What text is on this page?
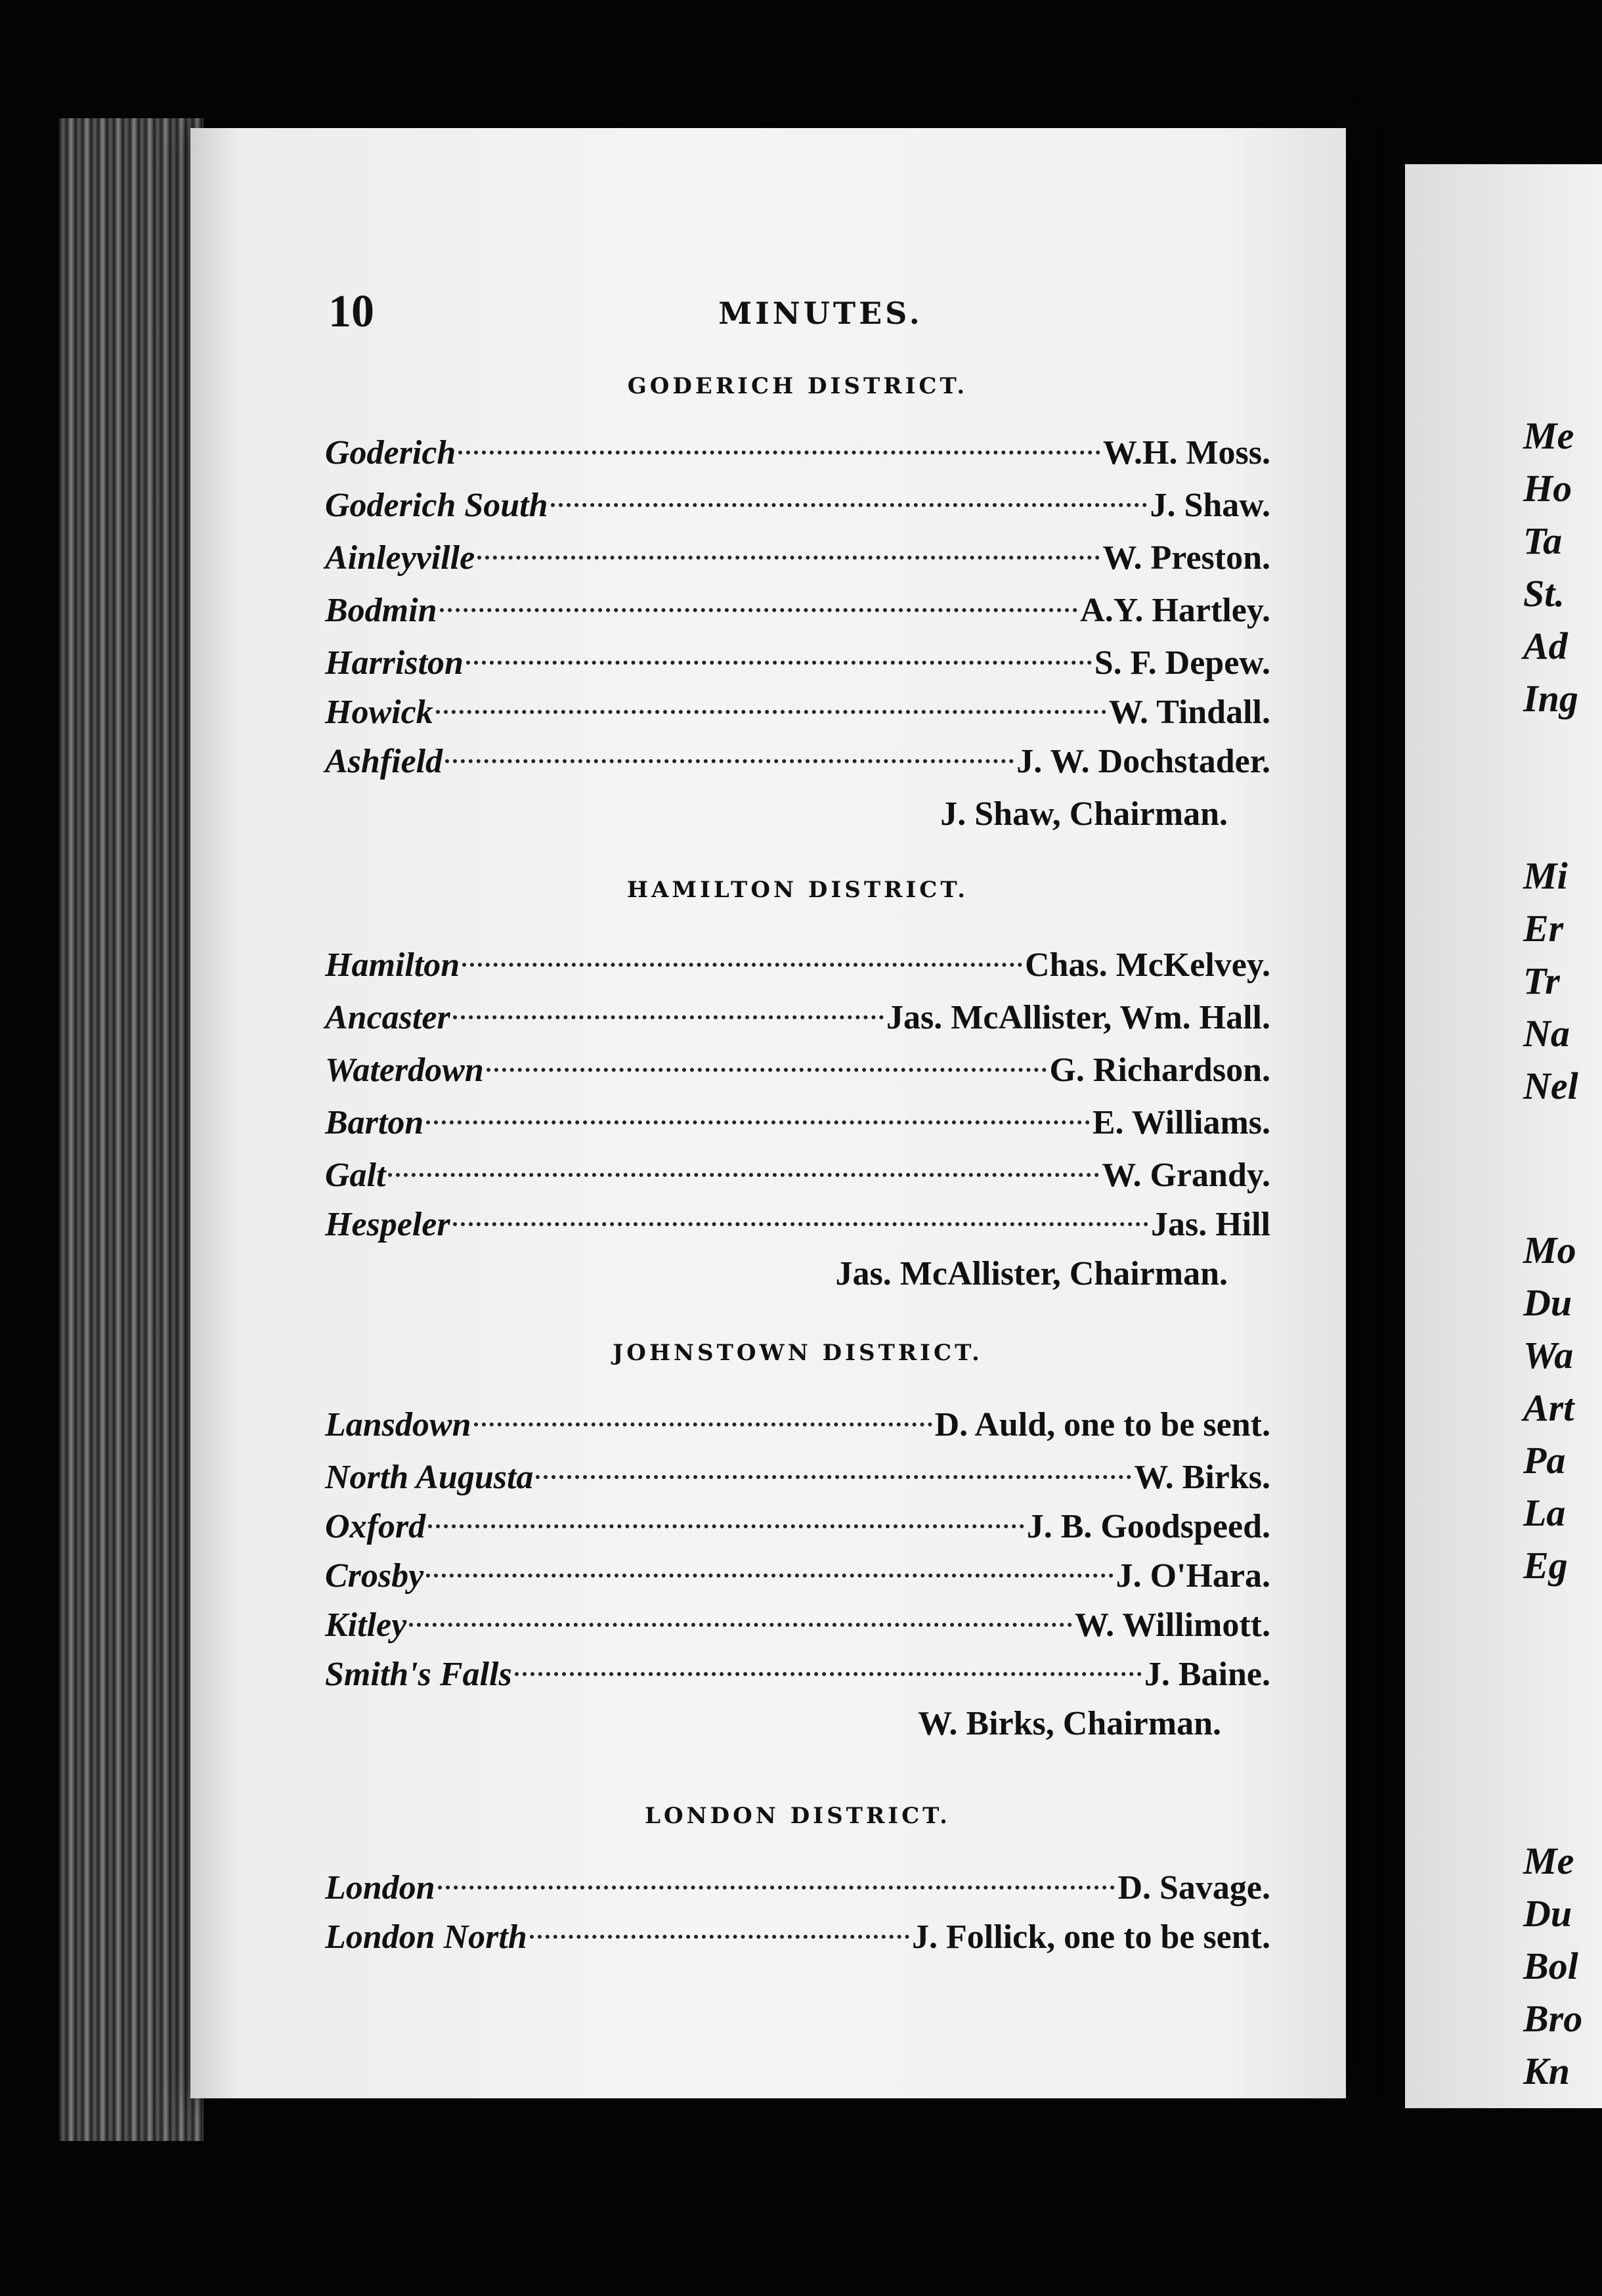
Me
Ho
Ta
St.
Ad
Ing
Mi
Er
Tr
Na
Nel
Mo
Du
Wa
Art
Pa
La
Eg
Me
Du
Bol
Bro
Kn
10	MINUTES.
GODERICH DISTRICT.
Goderich	W.H. Moss.
Goderich South	J. Shaw.
Ainleyville	W. Preston.
Bodmin	A.Y. Hartley.
Harriston	S. F. Depew.
Howick	W. Tindall.
Ashfield	J. W. Dochstader.
J. Shaw, Chairman.
HAMILTON DISTRICT.
Hamilton	Chas. McKelvey.
Ancaster	Jas. McAllister, Wm. Hall.
Waterdown	G. Richardson.
Barton	E. Williams.
Galt	W. Grandy.
Hespeler	Jas. Hill
Jas. McAllister, Chairman.
JOHNSTOWN DISTRICT.
Lansdown	D. Auld, one to be sent.
North Augusta	W. Birks.
Oxford	J. B. Goodspeed.
Crosby	J. O'Hara.
Kitley	W. Willimott.
Smith's Falls	J. Baine.
W. Birks, Chairman.
LONDON DISTRICT.
London	D. Savage.
London North	J. Follick, one to be sent.
